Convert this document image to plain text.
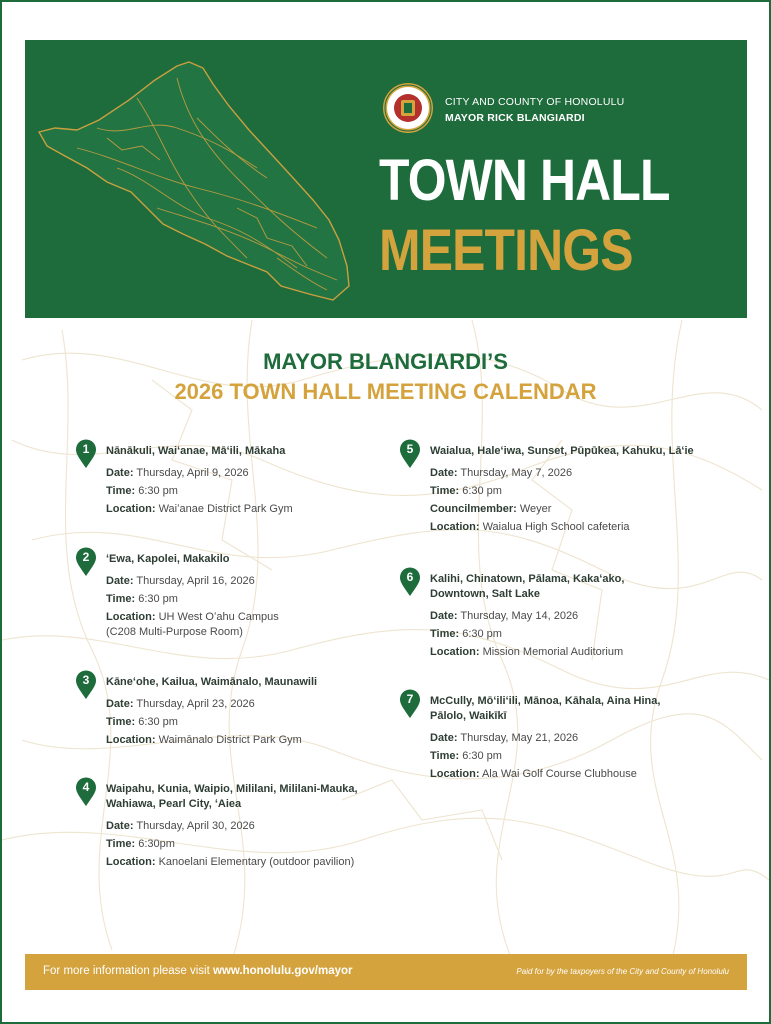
CITY AND COUNTY OF HONOLULU
MAYOR RICK BLANGIARDI
TOWN HALL
MEETINGS
MAYOR BLANGIARDI’S
2026 TOWN HALL MEETING CALENDAR
1	Nānākuli, Waiʻanae, Māʻili, Mākaha

Date: Thursday, April 9, 2026

Time: 6:30 pm

Location: Waiʻanae District Park Gym

2	ʻEwa, Kapolei, Makakilo

Date: Thursday, April 16, 2026

Time: 6:30 pm

Location: UH West Oʻahu Campus (C208 Multi-Purpose Room)

3	Kāneʻohe, Kailua, Waimānalo, Maunawili

Date: Thursday, April 23, 2026

Time: 6:30 pm

Location: Waimānalo District Park Gym

4	Waipahu, Kunia, Waipio, Mililani, Mililani-Mauka, Wahiawa, Pearl City, ʻAiea

Date: Thursday, April 30, 2026

Time: 6:30pm

Location: Kanoelani Elementary (outdoor pavilion)

5	Waialua, Haleʻiwa, Sunset, Pūpūkea, Kahuku, Lāʻie

Date: Thursday, May 7, 2026

Time: 6:30 pm

Councilmember: Weyer

Location: Waialua High School cafeteria

6	Kalihi, Chinatown, Pālama, Kakaʻako, Downtown, Salt Lake

Date: Thursday, May 14, 2026

Time: 6:30 pm

Location: Mission Memorial Auditorium

7	McCully, Mōʻiliʻili, Mānoa, Kāhala, Aina Hina, Pālolo, Waikīkī

Date: Thursday, May 21, 2026

Time: 6:30 pm

Location: Ala Wai Golf Course Clubhouse

For more information please visit www.honolulu.gov/mayor	Paid for by the taxpoyers of the City and County of Honolulu
